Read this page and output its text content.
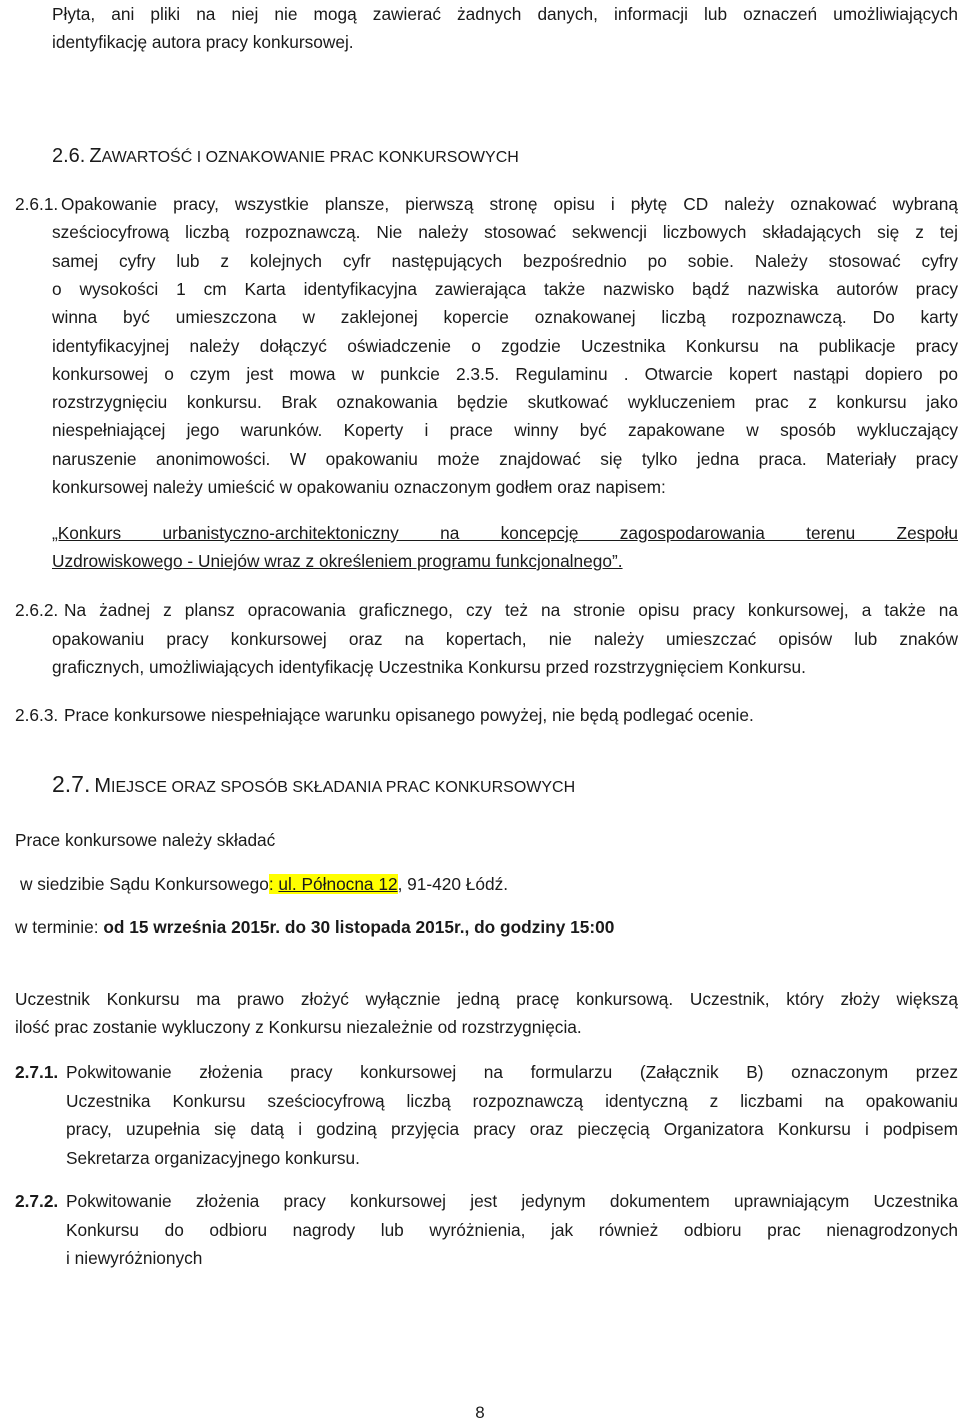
Płyta, ani pliki na niej nie mogą zawierać żadnych danych, informacji lub oznaczeń umożliwiających
identyfikację autora pracy konkursowej.
2.6. ZAWARTOŚĆ I OZNAKOWANIE PRAC KONKURSOWYCH
2.6.1. Opakowanie pracy, wszystkie plansze, pierwszą stronę opisu i płytę CD należy oznakować wybraną
sześciocyfrową liczbą rozpoznawczą. Nie należy stosować sekwencji liczbowych składających się z tej
samej cyfry lub z kolejnych cyfr następujących bezpośrednio po sobie. Należy stosować cyfry
o wysokości 1 cm Karta identyfikacyjna zawierająca także nazwisko bądź nazwiska autorów pracy
winna być umieszczona w zaklejonej kopercie oznakowanej liczbą rozpoznawczą. Do karty
identyfikacyjnej należy dołączyć oświadczenie o zgodzie Uczestnika Konkursu na publikacje pracy
konkursowej o czym jest mowa w punkcie 2.3.5. Regulaminu . Otwarcie kopert nastąpi dopiero po
rozstrzygnięciu konkursu. Brak oznakowania będzie skutkować wykluczeniem prac z konkursu jako
niespełniającej jego warunków. Koperty i prace winny być zapakowane w sposób wykluczający
naruszenie anonimowości. W opakowaniu może znajdować się tylko jedna praca. Materiały pracy
konkursowej należy umieścić w opakowaniu oznaczonym godłem oraz napisem:
„Konkurs urbanistyczno-architektoniczny na koncepcję zagospodarowania terenu Zespołu
Uzdrowiskowego - Uniejów wraz z określeniem programu funkcjonalnego”.
2.6.2. Na żadnej z plansz opracowania graficznego, czy też na stronie opisu pracy konkursowej, a także na
opakowaniu pracy konkursowej oraz na kopertach, nie należy umieszczać opisów lub znaków
graficznych, umożliwiających identyfikację Uczestnika Konkursu przed rozstrzygnięciem Konkursu.
2.6.3. Prace konkursowe niespełniające warunku opisanego powyżej, nie będą podlegać ocenie.
2.7. MIEJSCE ORAZ SPOSÓB SKŁADANIA PRAC KONKURSOWYCH
Prace konkursowe należy składać
w siedzibie Sądu Konkursowego: ul. Północna 12, 91-420 Łódź.
w terminie: od 15 września 2015r. do 30 listopada 2015r., do godziny 15:00
Uczestnik Konkursu ma prawo złożyć wyłącznie jedną pracę konkursową. Uczestnik, który złoży większą
ilość prac zostanie wykluczony z Konkursu niezależnie od rozstrzygnięcia.
2.7.1. Pokwitowanie złożenia pracy konkursowej na formularzu (Załącznik B) oznaczonym przez
Uczestnika Konkursu sześciocyfrową liczbą rozpoznawczą identyczną z liczbami na opakowaniu
pracy, uzupełnia się datą i godziną przyjęcia pracy oraz pieczęcią Organizatora Konkursu i podpisem
Sekretarza organizacyjnego konkursu.
2.7.2. Pokwitowanie złożenia pracy konkursowej jest jedynym dokumentem uprawniającym Uczestnika
Konkursu do odbioru nagrody lub wyróżnienia, jak również odbioru prac nienagrodzonych
i niewyróżnionych
8
